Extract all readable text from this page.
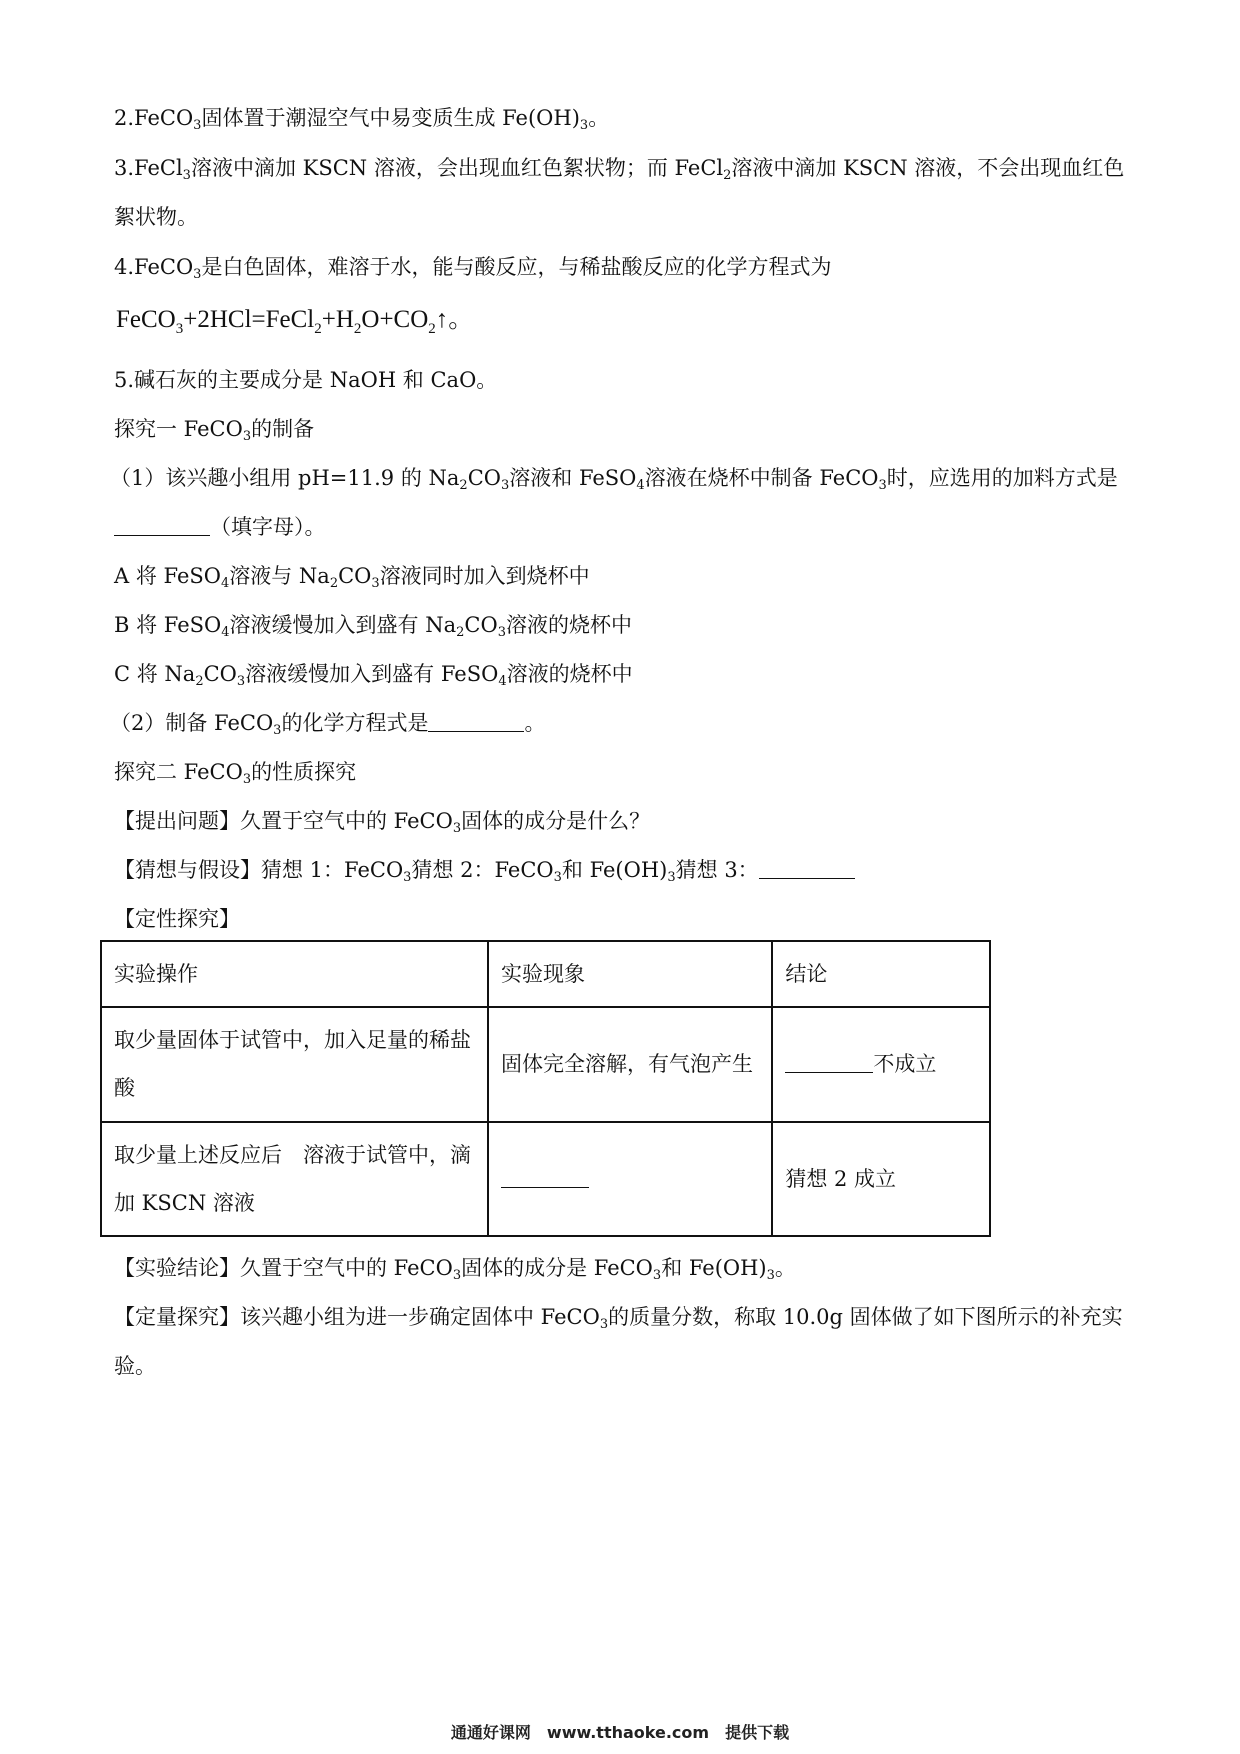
2.FeCO$_3$固体置于潮湿空气中易变质生成 $Fe(OH)_3$。
3.FeCl$_3$溶液中滴加 KSCN 溶液，会出现血红色絮状物；而 FeCl$_2$溶液中滴加 KSCN 溶液，不会出现血红色
絮状物。
4.FeCO$_3$是白色固体，难溶于水，能与酸反应，与稀盐酸反应的化学方程式为
$FeCO_3+2HCl=FeCl_2+H_2O+CO_2↑$。
5.碱石灰的主要成分是 NaOH 和 CaO。
探究一 FeCO$_3$的制备
（1）该兴趣小组用 pH=11.9 的 $Na_2CO_3$溶液和 FeSO$_4$溶液在烧杯中制备 FeCO$_3$时，应选用的加料方式是
（填字母）。
A 将 FeSO$_4$溶液与 $Na_2CO_3$溶液同时加入到烧杯中
B 将 FeSO$_4$溶液缓慢加入到盛有 $Na_2CO_3$溶液的烧杯中
C 将 $Na_2CO_3$溶液缓慢加入到盛有 FeSO$_4$溶液的烧杯中
（2）制备 FeCO$_3$的化学方程式是	。
探究二 FeCO$_3$的性质探究
【提出问题】久置于空气中的 FeCO$_3$固体的成分是什么？
【猜想与假设】猜想 1：FeCO$_3$猜想 2：FeCO$_3$和 $Fe(OH)_3$猜想 3：
【定性探究】
实验操作	实验现象	结论
取少量固体于试管中，加入足量的稀盐
酸	固体完全溶解，有气泡产生	不成立
取少量上述反应后　溶液于试管中，滴
加 KSCN 溶液		猜想 2 成立
【实验结论】久置于空气中的 FeCO$_3$固体的成分是 FeCO$_3$和 $Fe(OH)_3$。
【定量探究】该兴趣小组为进一步确定固体中 FeCO$_3$的质量分数，称取 10.0g 固体做了如下图所示的补充实
验。
通通好课网　www.tthaoke.com　提供下载
